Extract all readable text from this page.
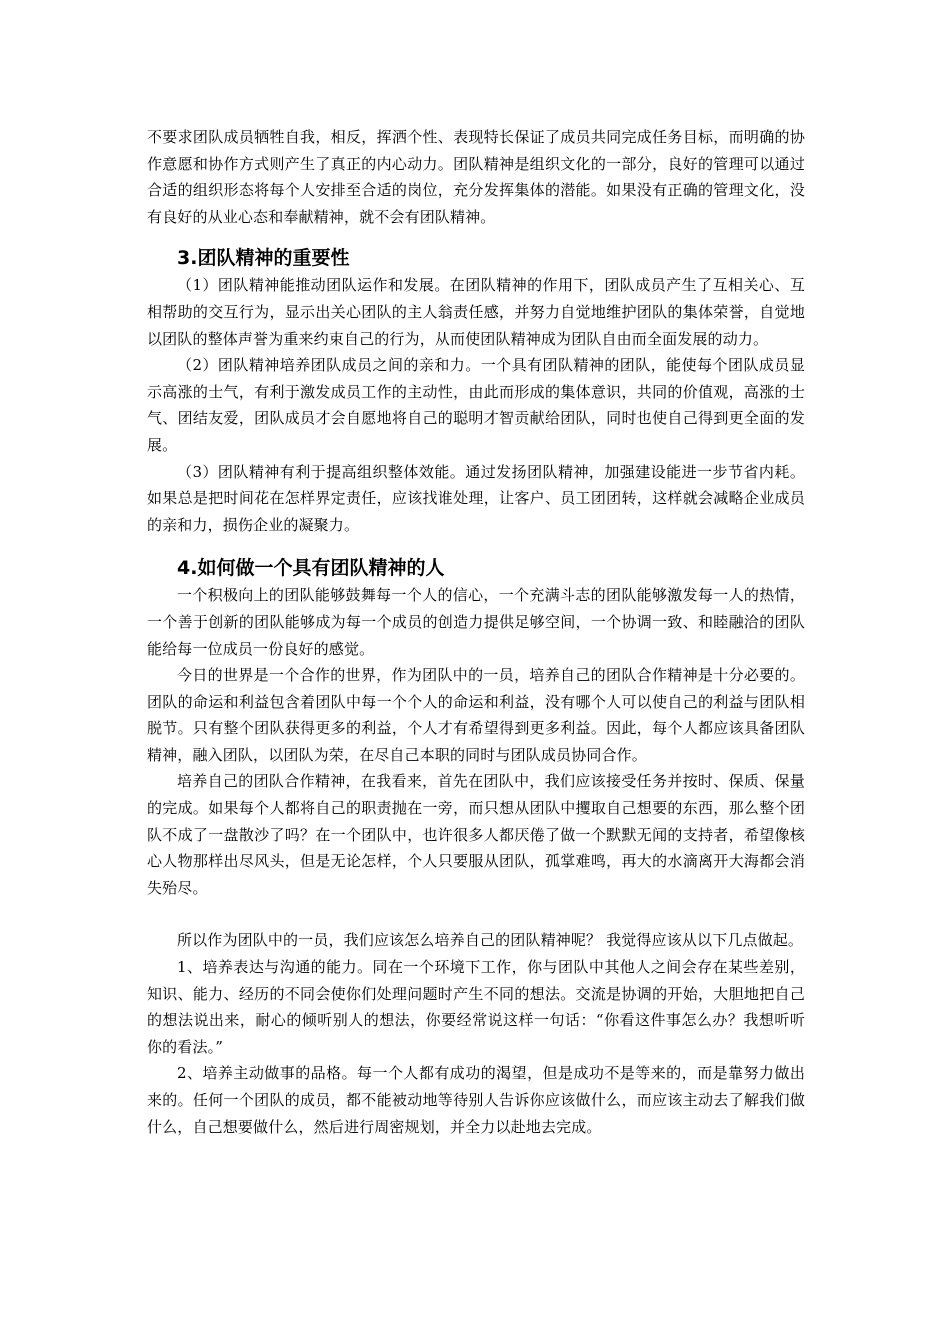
不要求团队成员牺牲自我，相反，挥洒个性、表现特长保证了成员共同完成任务目标，而明确的协作意愿和协作方式则产生了真正的内心动力。团队精神是组织文化的一部分，良好的管理可以通过合适的组织形态将每个人安排至合适的岗位，充分发挥集体的潜能。如果没有正确的管理文化，没有良好的从业心态和奉献精神，就不会有团队精神。

3.团队精神的重要性

（1）团队精神能推动团队运作和发展。在团队精神的作用下，团队成员产生了互相关心、互相帮助的交互行为，显示出关心团队的主人翁责任感，并努力自觉地维护团队的集体荣誉，自觉地以团队的整体声誉为重来约束自己的行为，从而使团队精神成为团队自由而全面发展的动力。

（2）团队精神培养团队成员之间的亲和力。一个具有团队精神的团队，能使每个团队成员显示高涨的士气，有利于激发成员工作的主动性，由此而形成的集体意识，共同的价值观，高涨的士气、团结友爱，团队成员才会自愿地将自己的聪明才智贡献给团队，同时也使自己得到更全面的发展。

（3）团队精神有利于提高组织整体效能。通过发扬团队精神，加强建设能进一步节省内耗。如果总是把时间花在怎样界定责任，应该找谁处理，让客户、员工团团转，这样就会减略企业成员的亲和力，损伤企业的凝聚力。

4.如何做一个具有团队精神的人

一个积极向上的团队能够鼓舞每一个人的信心，一个充满斗志的团队能够激发每一人的热情，一个善于创新的团队能够成为每一个成员的创造力提供足够空间，一个协调一致、和睦融洽的团队能给每一位成员一份良好的感觉。

今日的世界是一个合作的世界，作为团队中的一员，培养自己的团队合作精神是十分必要的。团队的命运和利益包含着团队中每一个个人的命运和利益，没有哪个人可以使自己的利益与团队相脱节。只有整个团队获得更多的利益，个人才有希望得到更多利益。因此，每个人都应该具备团队精神，融入团队，以团队为荣，在尽自己本职的同时与团队成员协同合作。

培养自己的团队合作精神，在我看来，首先在团队中，我们应该接受任务并按时、保质、保量的完成。如果每个人都将自己的职责抛在一旁，而只想从团队中攫取自己想要的东西，那么整个团队不成了一盘散沙了吗？在一个团队中，也许很多人都厌倦了做一个默默无闻的支持者，希望像核心人物那样出尽风头，但是无论怎样，个人只要服从团队，孤掌难鸣，再大的水滴离开大海都会消失殆尽。

所以作为团队中的一员，我们应该怎么培养自己的团队精神呢？ 我觉得应该从以下几点做起。

1、培养表达与沟通的能力。同在一个环境下工作，你与团队中其他人之间会存在某些差别，知识、能力、经历的不同会使你们处理问题时产生不同的想法。交流是协调的开始，大胆地把自己的想法说出来，耐心的倾听别人的想法，你要经常说这样一句话：“你看这件事怎么办？我想听听你的看法。”

2、培养主动做事的品格。每一个人都有成功的渴望，但是成功不是等来的，而是靠努力做出来的。任何一个团队的成员，都不能被动地等待别人告诉你应该做什么，而应该主动去了解我们做什么，自己想要做什么，然后进行周密规划，并全力以赴地去完成。
